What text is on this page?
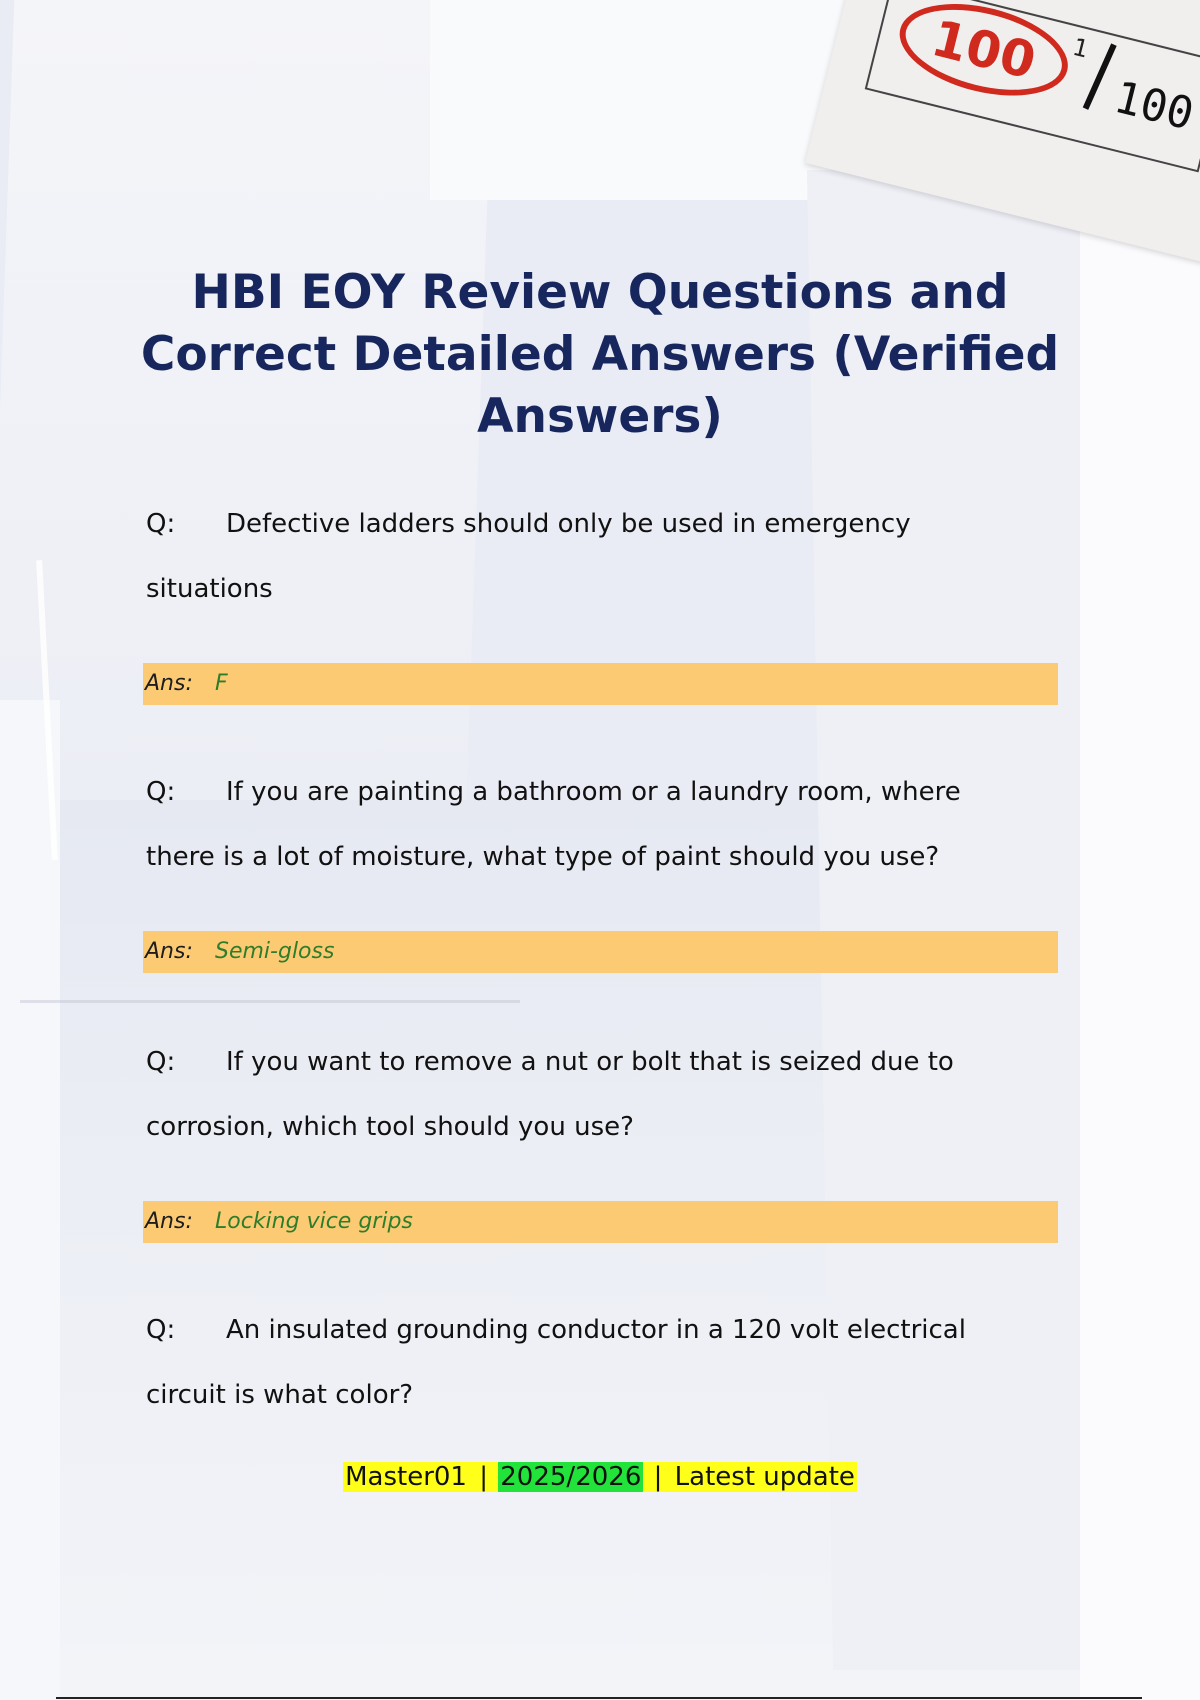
100	1
100
HBI EOY Review Questions and Correct Detailed Answers (Verified Answers)
Q: Defective ladders should only be used in emergency
situations
Ans: F
Q: If you are painting a bathroom or a laundry room, where
there is a lot of moisture, what type of paint should you use?
Ans: Semi-gloss
Q: If you want to remove a nut or bolt that is seized due to
corrosion, which tool should you use?
Ans: Locking vice grips
Q: An insulated grounding conductor in a 120 volt electrical
circuit is what color?
Master01 | 2025/2026 | Latest update
